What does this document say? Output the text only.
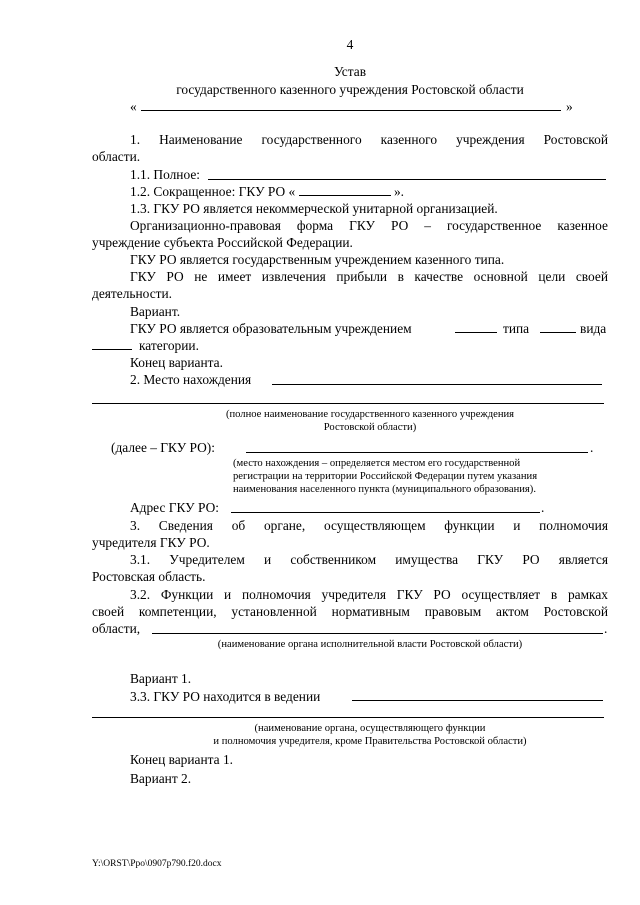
4
Устав
государственного казенного учреждения Ростовской области
«	»
1. Наименование государственного казенного учреждения Ростовской
области.
1.1. Полное:
1.2. Сокращенное: ГКУ РО «	».
1.3. ГКУ РО является некоммерческой унитарной организацией.
Организационно-правовая форма ГКУ РО – государственное казенное
учреждение субъекта Российской Федерации.
ГКУ РО является государственным учреждением казенного типа.
ГКУ РО не имеет извлечения прибыли в качестве основной цели своей
деятельности.
Вариант.
ГКУ РО является образовательным учреждением	типа	вида
категории.
Конец варианта.
2. Место нахождения
(полное наименование государственного казенного учреждения
Ростовской области)
(далее – ГКУ РО):	.
(место нахождения – определяется местом его государственной
регистрации на территории Российской Федерации путем указания
наименования населенного пункта (муниципального образования).
Адрес ГКУ РО:	.
3. Сведения об органе, осуществляющем функции и полномочия
учредителя ГКУ РО.
3.1. Учредителем и собственником имущества ГКУ РО является
Ростовская область.
3.2. Функции и полномочия учредителя ГКУ РО осуществляет в рамках
своей компетенции, установленной нормативным правовым актом Ростовской
области,	.
(наименование органа исполнительной власти Ростовской области)
Вариант 1.
3.3. ГКУ РО находится в ведении
(наименование органа, осуществляющего функции
и полномочия учредителя, кроме Правительства Ростовской области)
Конец варианта 1.
Вариант 2.
Y:\ORST\Ppo\0907p790.f20.docx
